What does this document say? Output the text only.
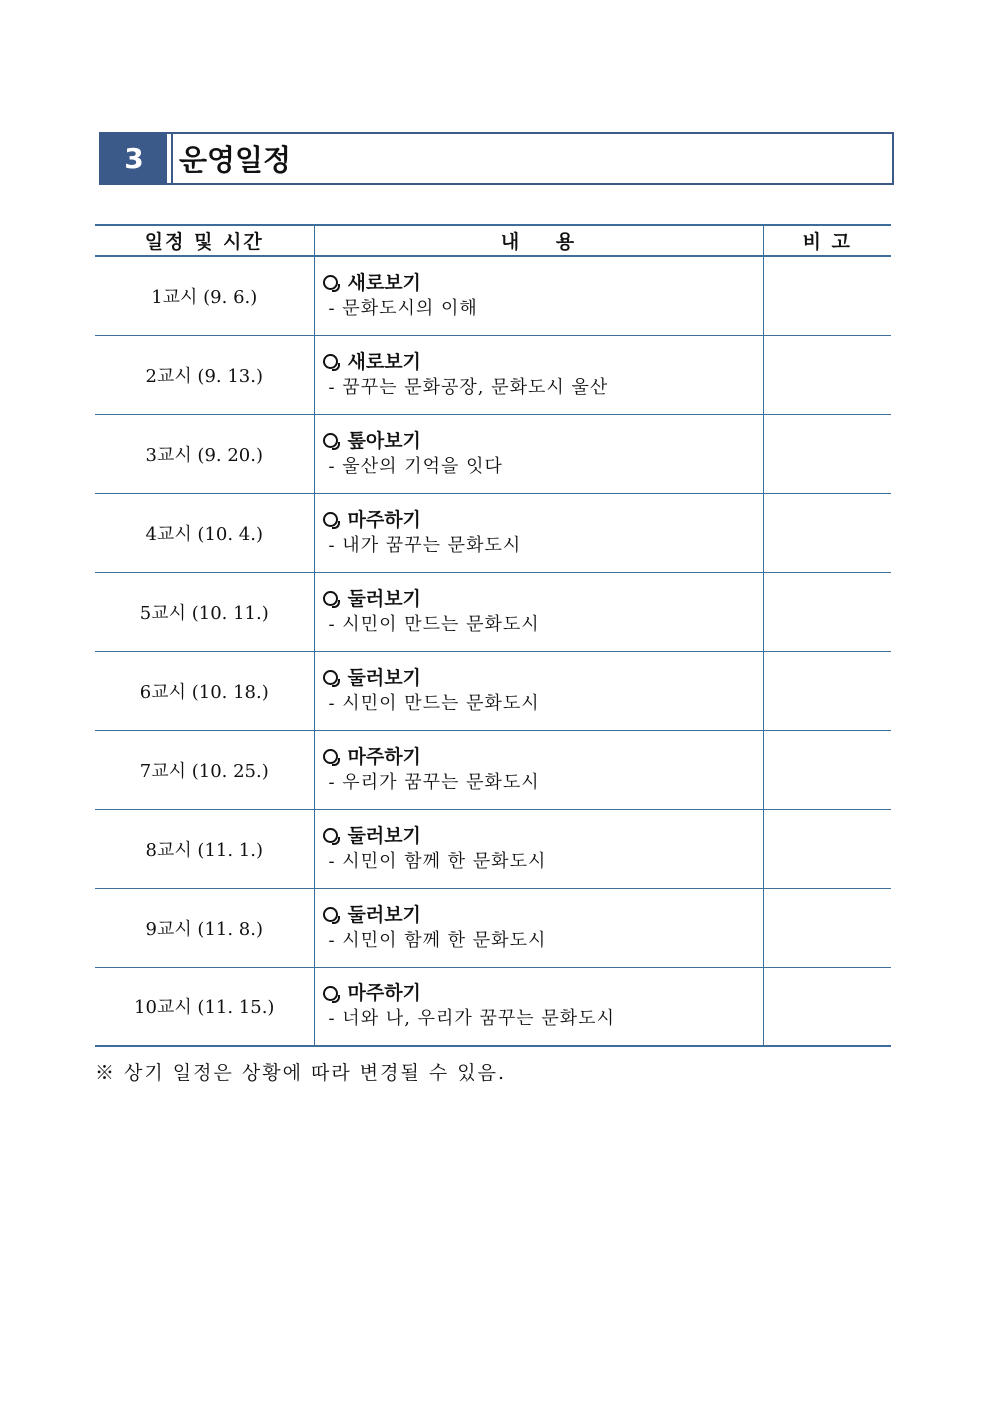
3	운영일정
일정 및 시간	내    용	비 고
1교시 (9. 6.)	새로보기
- 문화도시의 이해	

2교시 (9. 13.)	새로보기
- 꿈꾸는 문화공장, 문화도시 울산	

3교시 (9. 20.)	톺아보기
- 울산의 기억을 잇다	

4교시 (10. 4.)	마주하기
- 내가 꿈꾸는 문화도시	

5교시 (10. 11.)	둘러보기
- 시민이 만드는 문화도시	

6교시 (10. 18.)	둘러보기
- 시민이 만드는 문화도시	

7교시 (10. 25.)	마주하기
- 우리가 꿈꾸는 문화도시	

8교시 (11. 1.)	둘러보기
- 시민이 함께 한 문화도시	

9교시 (11. 8.)	둘러보기
- 시민이 함께 한 문화도시	

10교시 (11. 15.)	마주하기
- 너와 나, 우리가 꿈꾸는 문화도시	

※ 상기 일정은 상황에 따라 변경될 수 있음.
